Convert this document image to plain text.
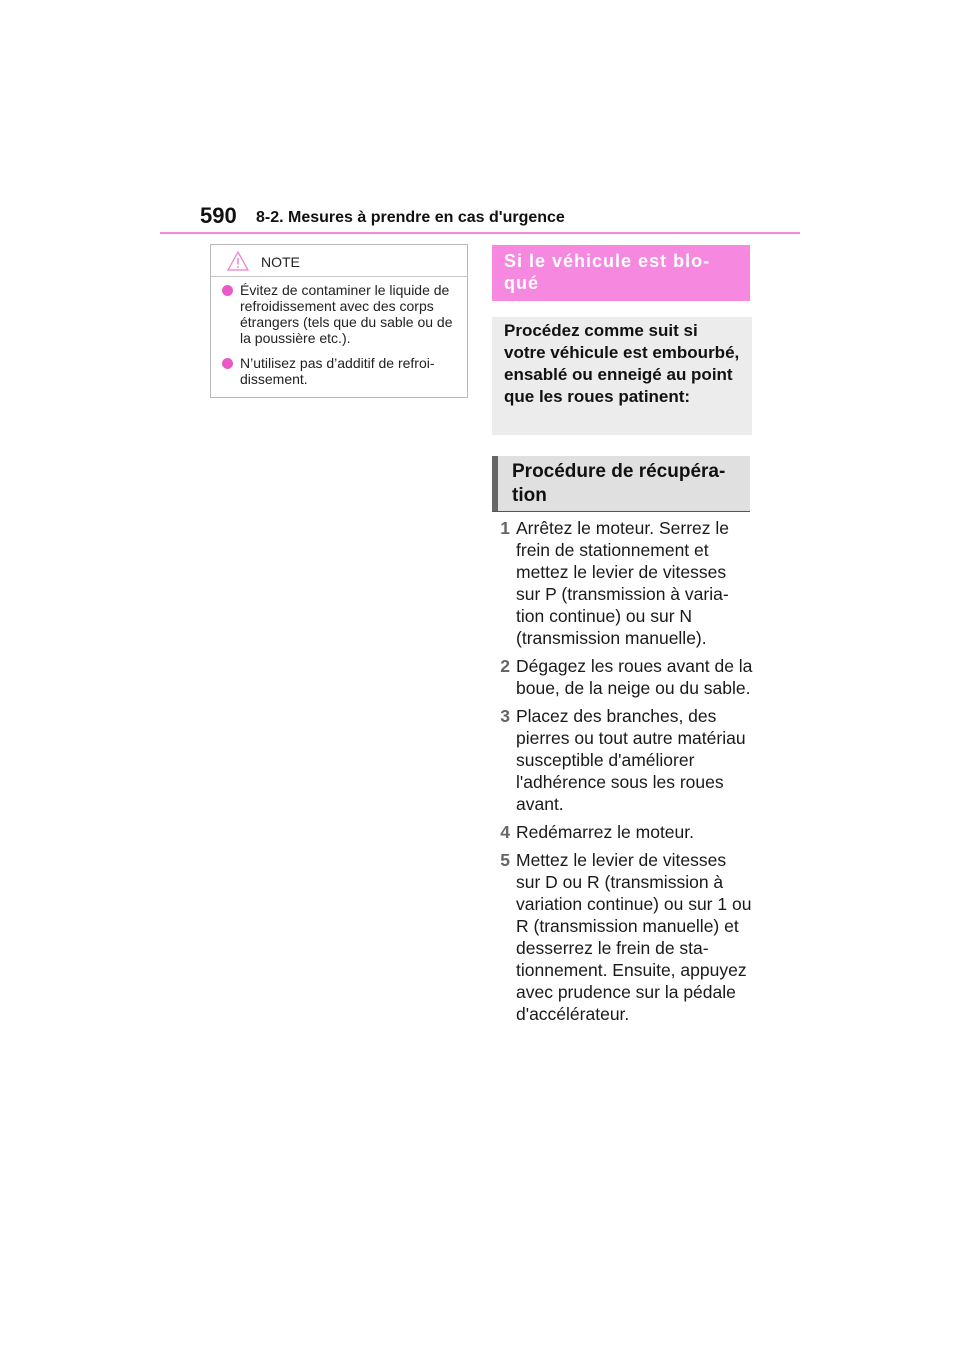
590 8-2. Mesures à prendre en cas d'urgence
NOTE

Évitez de contaminer le liquide de refroidissement avec des corps étrangers (tels que du sable ou de la poussière etc.).

N’utilisez pas d’additif de refroi-dissement.

Si le véhicule est blo-qué
Procédez comme suit si votre véhicule est embourbé, ensablé ou enneigé au point que les roues patinent:
Procédure de récupéra-tion
1 Arrêtez le moteur. Serrez le frein de stationnement et mettez le levier de vitesses sur P (transmission à varia-tion continue) ou sur N (transmission manuelle).
2 Dégagez les roues avant de la boue, de la neige ou du sable.
3 Placez des branches, des pierres ou tout autre matériau susceptible d'améliorer l'adhérence sous les roues avant.
4 Redémarrez le moteur.
5 Mettez le levier de vitesses sur D ou R (transmission à variation continue) ou sur 1 ou R (transmission manuelle) et desserrez le frein de sta-tionnement. Ensuite, appuyez avec prudence sur la pédale d'accélérateur.
